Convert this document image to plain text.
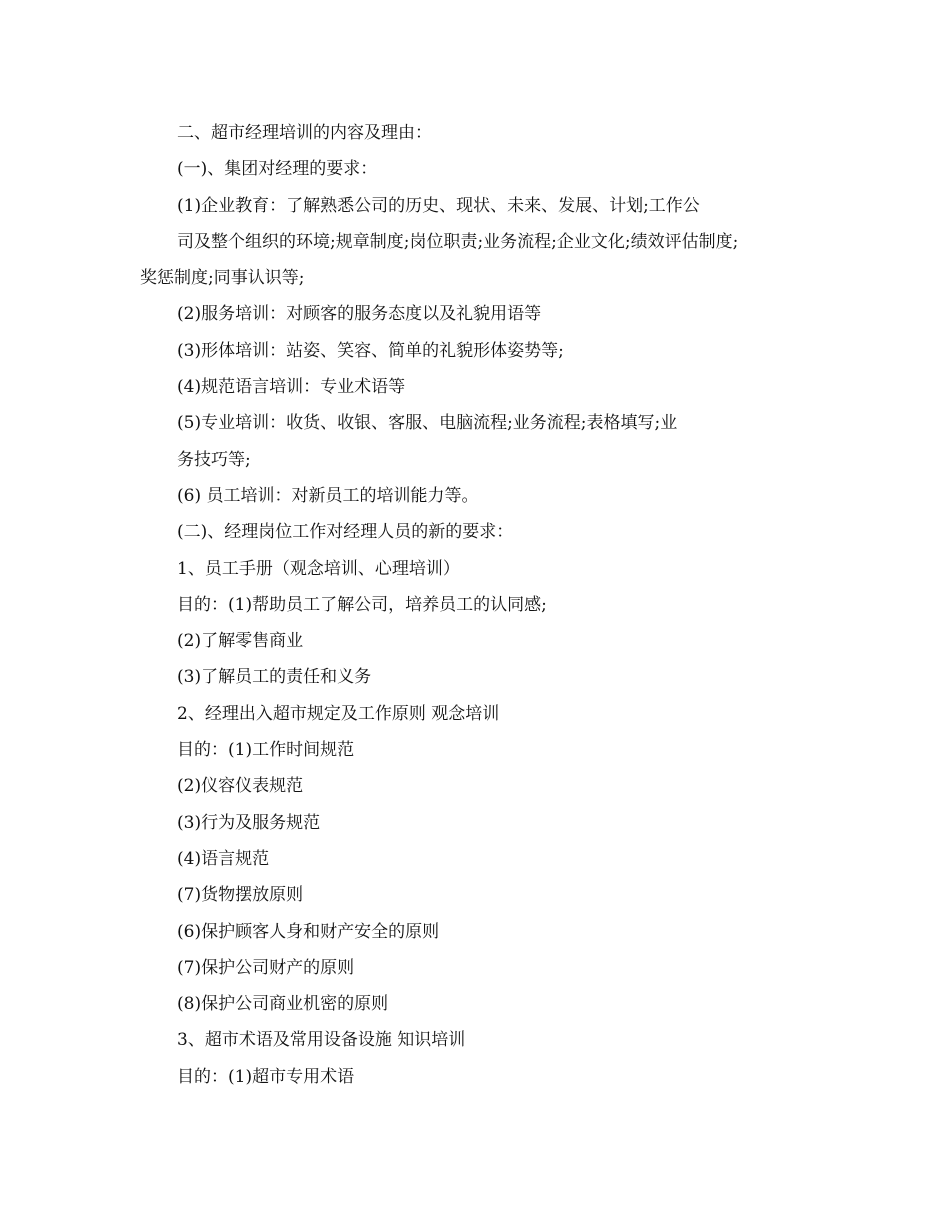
二、超市经理培训的内容及理由：
(一)、集团对经理的要求：
(1)企业教育：了解熟悉公司的历史、现状、未来、发展、计划;工作公
司及整个组织的环境;规章制度;岗位职责;业务流程;企业文化;绩效评估制度;
奖惩制度;同事认识等;
(2)服务培训：对顾客的服务态度以及礼貌用语等
(3)形体培训：站姿、笑容、简单的礼貌形体姿势等;
(4)规范语言培训：专业术语等
(5)专业培训：收货、收银、客服、电脑流程;业务流程;表格填写;业
务技巧等;
(6) 员工培训：对新员工的培训能力等。
(二)、经理岗位工作对经理人员的新的要求：
1、员工手册（观念培训、心理培训）
目的：(1)帮助员工了解公司，培养员工的认同感;
(2)了解零售商业
(3)了解员工的责任和义务
2、经理出入超市规定及工作原则 观念培训
目的：(1)工作时间规范
(2)仪容仪表规范
(3)行为及服务规范
(4)语言规范
(7)货物摆放原则
(6)保护顾客人身和财产安全的原则
(7)保护公司财产的原则
(8)保护公司商业机密的原则
3、超市术语及常用设备设施 知识培训
目的：(1)超市专用术语
